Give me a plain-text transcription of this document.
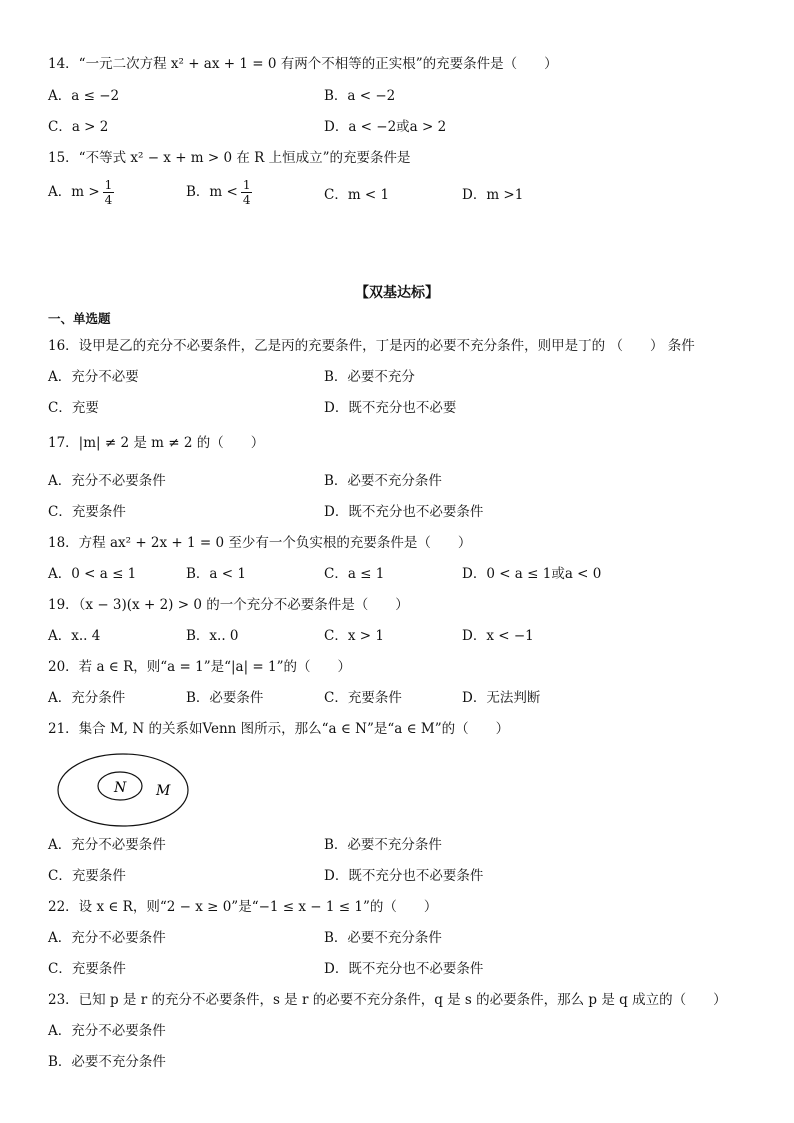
14．“一元二次方程 x² + ax + 1 = 0 有两个不相等的正实根”的充要条件是（　　）
A．a ≤ −2	B．a < −2
C．a > 2	D．a < −2或a > 2
15．“不等式 x² − x + m > 0 在 R 上恒成立”的充要条件是
A．$m > \frac{1}{4}$	B．$m < \frac{1}{4}$	C．m < 1	D．m >1
【双基达标】
一、单选题
16．设甲是乙的充分不必要条件，乙是丙的充要条件，丁是丙的必要不充分条件，则甲是丁的 （　　） 条件
A．充分不必要	B．必要不充分
C．充要	D．既不充分也不必要
17．|m| ≠ 2 是 m ≠ 2 的（　　）
A．充分不必要条件	B．必要不充分条件
C．充要条件	D．既不充分也不必要条件
18．方程 ax² + 2x + 1 = 0 至少有一个负实根的充要条件是（　　）
A．0 < a ≤ 1	B．a < 1	C．a ≤ 1	D．0 < a ≤ 1或a < 0
19．（x − 3)(x + 2) > 0 的一个充分不必要条件是（　　）
A．x.. 4	B．x.. 0	C．x > 1	D．x < −1
20．若 a ∈ R，则“a = 1”是“|a| = 1”的（　　）
A．充分条件	B．必要条件	C．充要条件	D．无法判断
21．集合 M, N 的关系如Venn 图所示，那么“a ∈ N”是“a ∈ M”的（　　）
N M
A．充分不必要条件	B．必要不充分条件
C．充要条件	D．既不充分也不必要条件
22．设 x ∈ R，则“2 − x ≥ 0”是“−1 ≤ x − 1 ≤ 1”的（　　）
A．充分不必要条件	B．必要不充分条件
C．充要条件	D．既不充分也不必要条件
23．已知 p 是 r 的充分不必要条件，s 是 r 的必要不充分条件，q 是 s 的必要条件，那么 p 是 q 成立的（　　）
A．充分不必要条件
B．必要不充分条件
